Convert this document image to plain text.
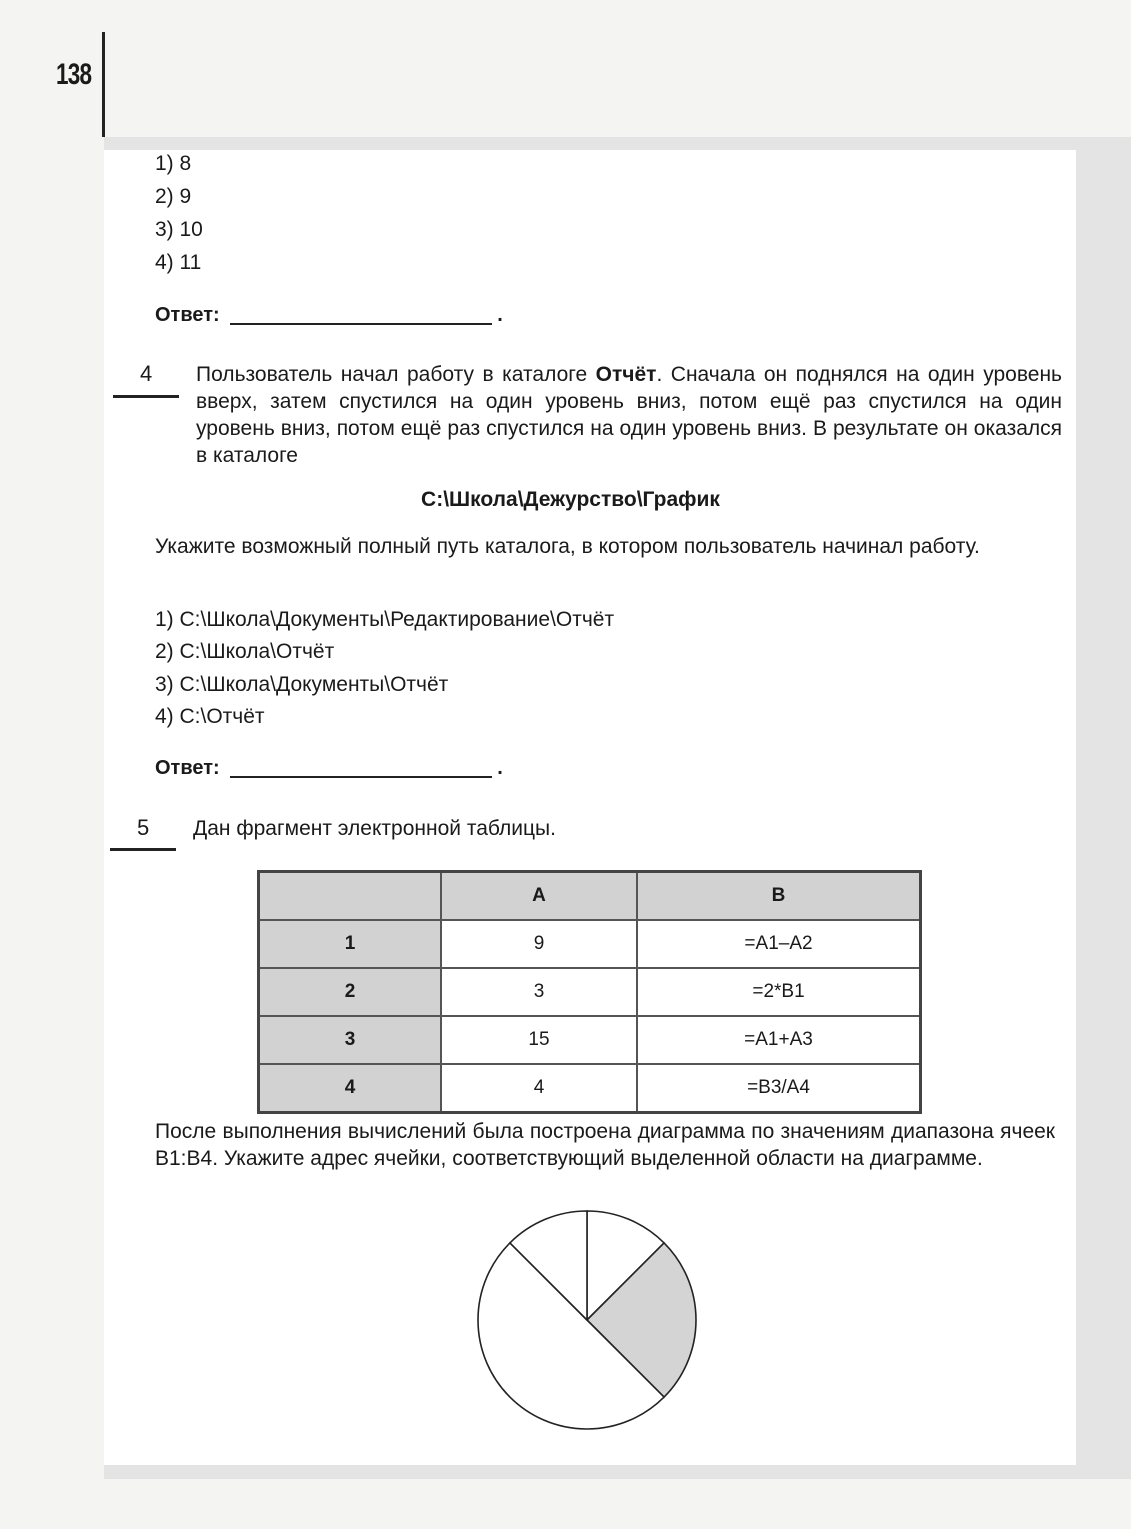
138
1) 8
2) 9
3) 10
4) 11
Ответ:	.
4 Пользователь начал работу в каталоге Отчёт. Сначала он поднялся на один уровень вверх, затем спустился на один уровень вниз, потом ещё раз спустился на один уровень вниз, потом ещё раз спустился на один уровень вниз. В результате он оказался в каталоге
С:\Школа\Дежурство\График
Укажите возможный полный путь каталога, в котором пользователь начинал работу.
1) С:\Школа\Документы\Редактирование\Отчёт
2) С:\Школа\Отчёт
3) С:\Школа\Документы\Отчёт
4) С:\Отчёт
Ответ:	.
5 Дан фрагмент электронной таблицы.
	A	B
1	9	=A1–A2
2	3	=2*B1
3	15	=A1+A3
4	4	=B3/A4
После выполнения вычислений была построена диаграмма по значениям диапазона ячеек B1:B4. Укажите адрес ячейки, соответствующий выделенной области на диаграмме.
